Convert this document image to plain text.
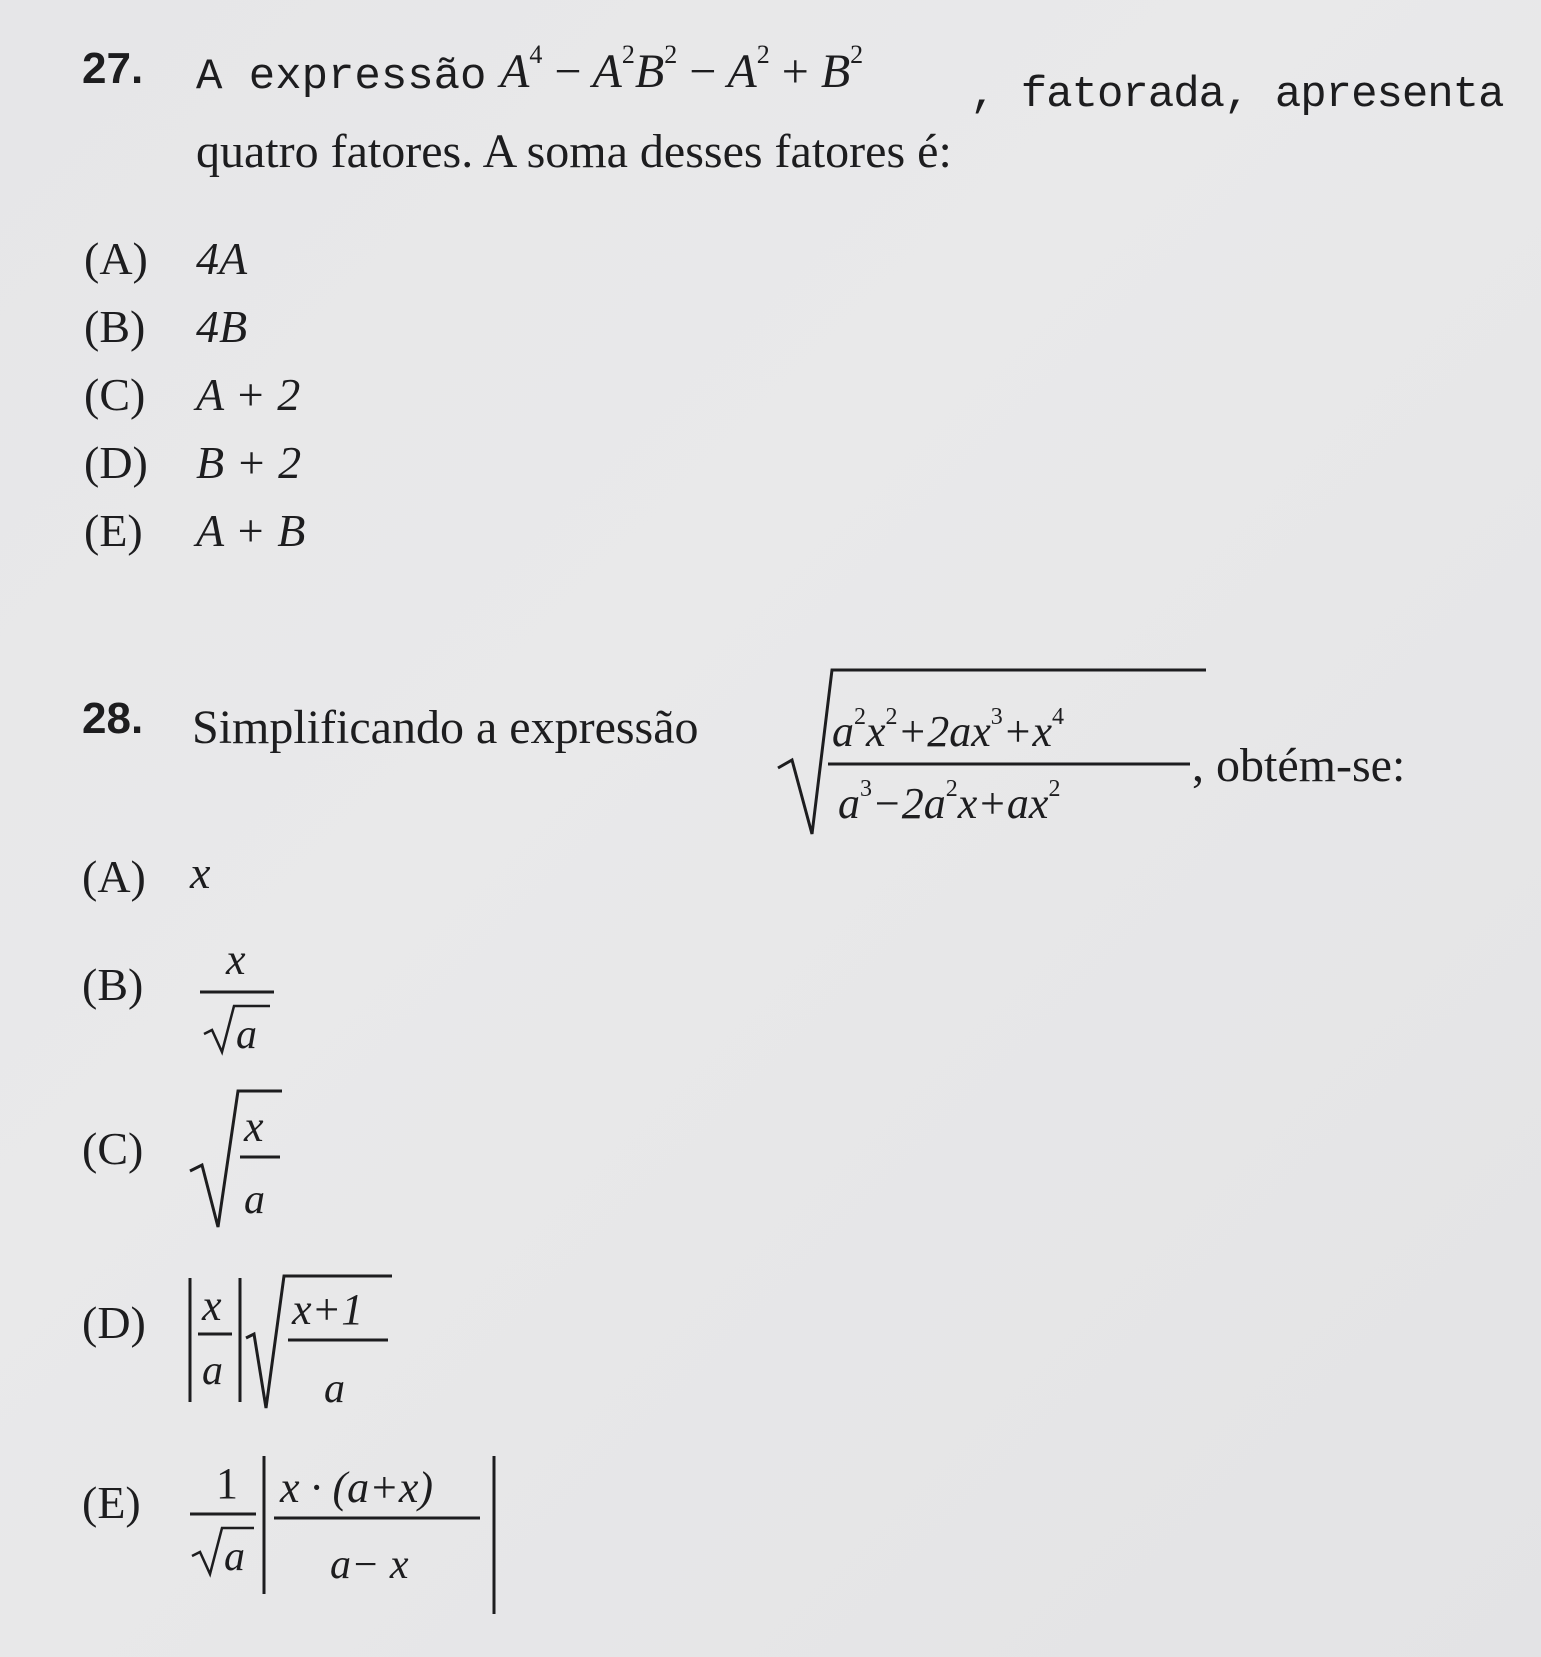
27. A expressão $A^4 - A^2B^2 - A^2 + B^2$
, fatorada, apresenta
quatro fatores. A soma desses fatores é:
(A) 4A
(B) 4B
(C) A + 2
(D) B + 2
(E) A + B
28. Simplificando a expressão	$a^2x^2+2ax^3+x^4$
$a^3-2a^2x+ax^2$	, obtém-se:
(A) x
(B) x
a
(C) x
a
(D) x
a
x+1
a
(E) 1
a
x · (a+x)
a− x
